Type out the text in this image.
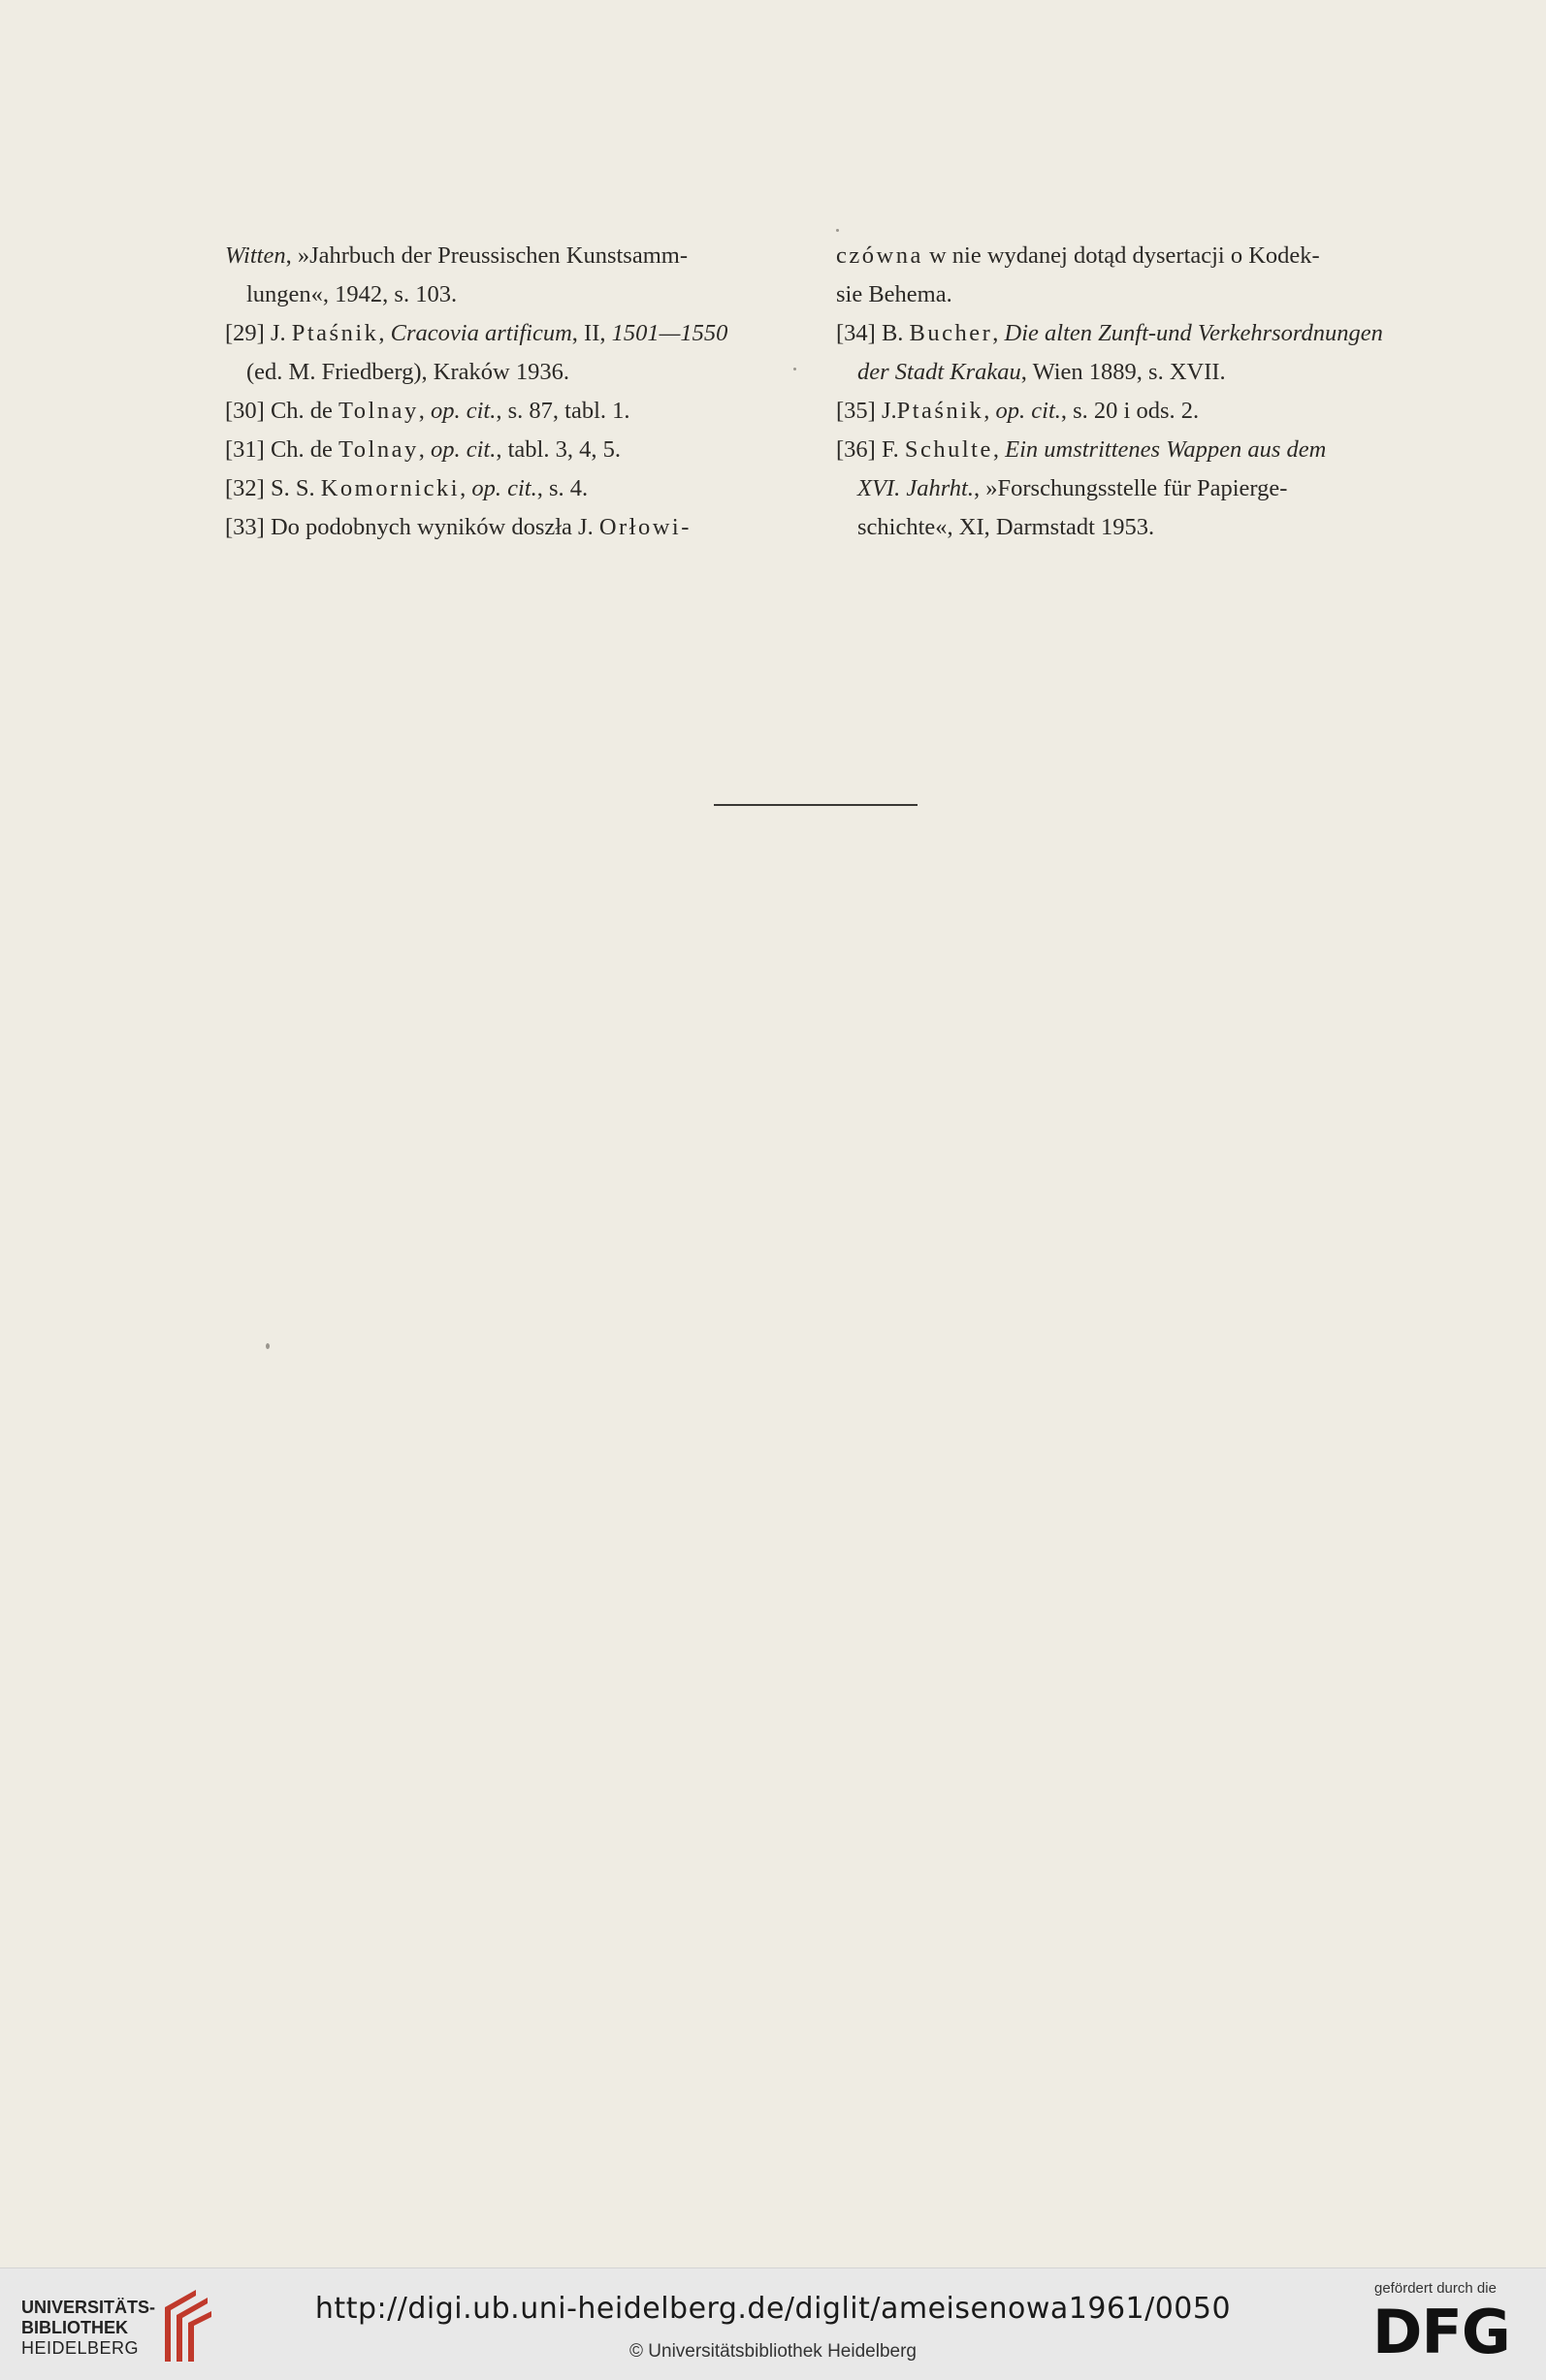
Witten, »Jahrbuch der Preussischen Kunstsamm-

lungen«, 1942, s. 103.

[29] J. Ptaśnik, Cracovia artificum, II, 1501—1550

(ed. M. Friedberg), Kraków 1936.

[30] Ch. de Tolnay, op. cit., s. 87, tabl. 1.

[31] Ch. de Tolnay, op. cit., tabl. 3, 4, 5.

[32] S. S. Komornicki, op. cit., s. 4.

[33] Do podobnych wyników doszła J. Orłowi-

czówna w nie wydanej dotąd dysertacji o Kodek-

sie Behema.

[34] B. Bucher, Die alten Zunft-und Verkehrsordnungen

der Stadt Krakau, Wien 1889, s. XVII.

[35] J.Ptaśnik, op. cit., s. 20 i ods. 2.

[36] F. Schulte, Ein umstrittenes Wappen aus dem

XVI. Jahrht., »Forschungsstelle für Papierge-

schichte«, XI, Darmstadt 1953.

UNIVERSITÄTS-
BIBLIOTHEK
HEIDELBERG
http://digi.ub.uni-heidelberg.de/diglit/ameisenowa1961/0050
© Universitätsbibliothek Heidelberg
gefördert durch die
DFG
